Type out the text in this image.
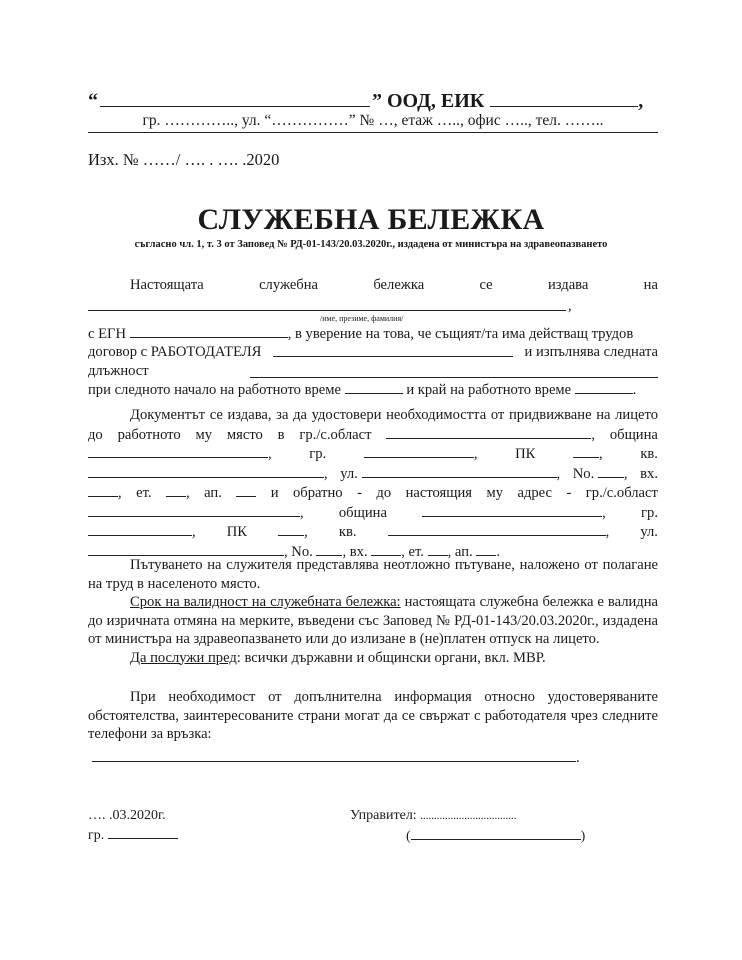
“	” ООД, ЕИК	,
гр. ………….., ул. “……………” № …, етаж ….., офис ….., тел. ……..
Изх. № ……/ …. . …. .2020
СЛУЖЕБНА БЕЛЕЖКА
съгласно чл. 1, т. 3 от Заповед № РД-01-143/20.03.2020г., издадена от министъра на здравеопазването
Настоящата	служебна	бележка	се	издава	на
,
/име, презиме, фамилия/
с ЕГН	, в уверение на това, че същият/та има действащ трудов
договор с РАБОТОДАТЕЛЯ	и изпълнява следната
длъжност
при следното начало на работното време	и край на работното време	.
Документът се издава, за да удостовери необходимостта от придвижване на лицето
до работното му място в гр./с.област	, община
,	гр.	,	ПК	,	кв.
, ул.	, No. , вх.
, ет.	, ап.	и обратно - до настоящия му адрес - гр./с.област
, община	, гр.
, ПК	, кв.	, ул.
, No. , вх. , ет. , ап. .
Пътуването на служителя представлява неотложно пътуване, наложено от полагане на труд в населеното място.
Срок на валидност на служебната бележка: настоящата служебна бележка е валидна до изричната отмяна на мерките, въведени със Заповед № РД-01-143/20.03.2020г., издадена от министъра на здравеопазването или до излизане в (не)платен отпуск на лицето.
Да послужи пред: всички държавни и общински органи, вкл. МВР.
При необходимост от допълнителна информация относно удостоверяваните обстоятелства, заинтересованите страни могат да се свържат с работодателя чрез следните телефони за връзка:
.
…. .03.2020г.
гр.
Управител: ...................................
(	)
